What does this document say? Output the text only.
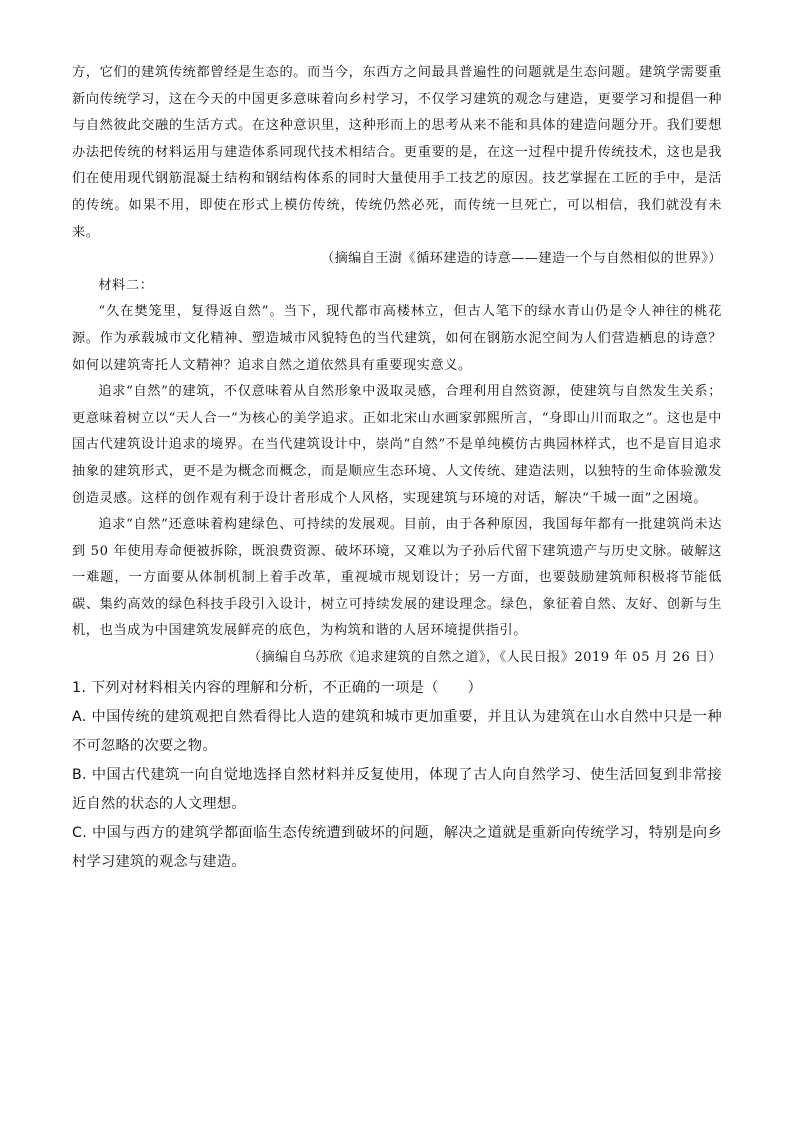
方，它们的建筑传统都曾经是生态的。而当今，东西方之间最具普遍性的问题就是生态问题。建筑学需要重新向传统学习，这在今天的中国更多意味着向乡村学习，不仅学习建筑的观念与建造，更要学习和提倡一种与自然彼此交融的生活方式。在这种意识里，这种形而上的思考从来不能和具体的建造问题分开。我们要想办法把传统的材料运用与建造体系同现代技术相结合。更重要的是，在这一过程中提升传统技术，这也是我们在使用现代钢筋混凝土结构和钢结构体系的同时大量使用手工技艺的原因。技艺掌握在工匠的手中，是活的传统。如果不用，即使在形式上模仿传统，传统仍然必死，而传统一旦死亡，可以相信，我们就没有未来。

（摘编自王澍《循环建造的诗意——建造一个与自然相似的世界》）

材料二：

“久在樊笼里，复得返自然”。当下，现代都市高楼林立，但古人笔下的绿水青山仍是令人神往的桃花源。作为承载城市文化精神、塑造城市风貌特色的当代建筑，如何在钢筋水泥空间为人们营造栖息的诗意？如何以建筑寄托人文精神？追求自然之道依然具有重要现实意义。

追求“自然”的建筑，不仅意味着从自然形象中汲取灵感，合理利用自然资源，使建筑与自然发生关系；更意味着树立以“天人合一”为核心的美学追求。正如北宋山水画家郭熙所言，“身即山川而取之”。这也是中国古代建筑设计追求的境界。在当代建筑设计中，崇尚“自然”不是单纯模仿古典园林样式，也不是盲目追求抽象的建筑形式，更不是为概念而概念，而是顺应生态环境、人文传统、建造法则，以独特的生命体验激发创造灵感。这样的创作观有利于设计者形成个人风格，实现建筑与环境的对话，解决“千城一面”之困境。

追求“自然”还意味着构建绿色、可持续的发展观。目前，由于各种原因，我国每年都有一批建筑尚未达到 50 年使用寿命便被拆除，既浪费资源、破坏环境，又难以为子孙后代留下建筑遗产与历史文脉。破解这一难题，一方面要从体制机制上着手改革，重视城市规划设计；另一方面，也要鼓励建筑师积极将节能低碳、集约高效的绿色科技手段引入设计，树立可持续发展的建设理念。绿色，象征着自然、友好、创新与生机，也当成为中国建筑发展鲜亮的底色，为构筑和谐的人居环境提供指引。

（摘编自乌苏欣《追求建筑的自然之道》，《人民日报》2019 年 05 月 26 日）

1. 下列对材料相关内容的理解和分析，不正确的一项是（　　）

A. 中国传统的建筑观把自然看得比人造的建筑和城市更加重要，并且认为建筑在山水自然中只是一种不可忽略的次要之物。

B. 中国古代建筑一向自觉地选择自然材料并反复使用，体现了古人向自然学习、使生活回复到非常接近自然的状态的人文理想。

C. 中国与西方的建筑学都面临生态传统遭到破坏的问题，解决之道就是重新向传统学习，特别是向乡村学习建筑的观念与建造。
